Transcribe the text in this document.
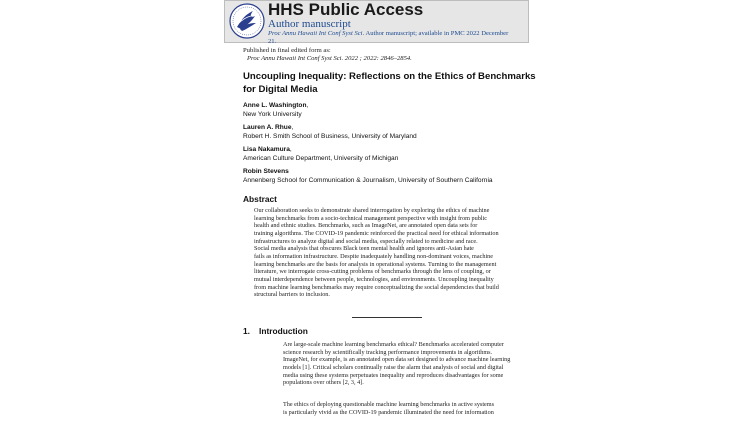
HHS Public Access
Author manuscript
Proc Annu Hawaii Int Conf Syst Sci. Author manuscript; available in PMC 2022 December
21.
Published in final edited form as:
Proc Annu Hawaii Int Conf Syst Sci. 2022 ; 2022: 2846–2854.
Uncoupling Inequality: Reflections on the Ethics of Benchmarks
for Digital Media
Anne L. Washington,
New York University
Lauren A. Rhue,
Robert H. Smith School of Business, University of Maryland
Lisa Nakamura,
American Culture Department, University of Michigan
Robin Stevens
Annenberg School for Communication & Journalism, University of Southern California
Abstract
Our collaboration seeks to demonstrate shared interrogation by exploring the ethics of machine
learning benchmarks from a socio-technical management perspective with insight from public
health and ethnic studies. Benchmarks, such as ImageNet, are annotated open data sets for
training algorithms. The COVID-19 pandemic reinforced the practical need for ethical information
infrastructures to analyze digital and social media, especially related to medicine and race.
Social media analysis that obscures Black teen mental health and ignores anti-Asian hate
fails as information infrastructure. Despite inadequately handling non-dominant voices, machine
learning benchmarks are the basis for analysis in operational systems. Turning to the management
literature, we interrogate cross-cutting problems of benchmarks through the lens of coupling, or
mutual interdependence between people, technologies, and environments. Uncoupling inequality
from machine learning benchmarks may require conceptualizing the social dependencies that build
structural barriers to inclusion.
1. Introduction
Are large-scale machine learning benchmarks ethical? Benchmarks accelerated computer
science research by scientifically tracking performance improvements in algorithms.
ImageNet, for example, is an annotated open data set designed to advance machine learning
models [1]. Critical scholars continually raise the alarm that analysis of social and digital
media using these systems perpetuates inequality and reproduces disadvantages for some
populations over others [2, 3, 4].
The ethics of deploying questionable machine learning benchmarks in active systems
is particularly vivid as the COVID-19 pandemic illuminated the need for information
